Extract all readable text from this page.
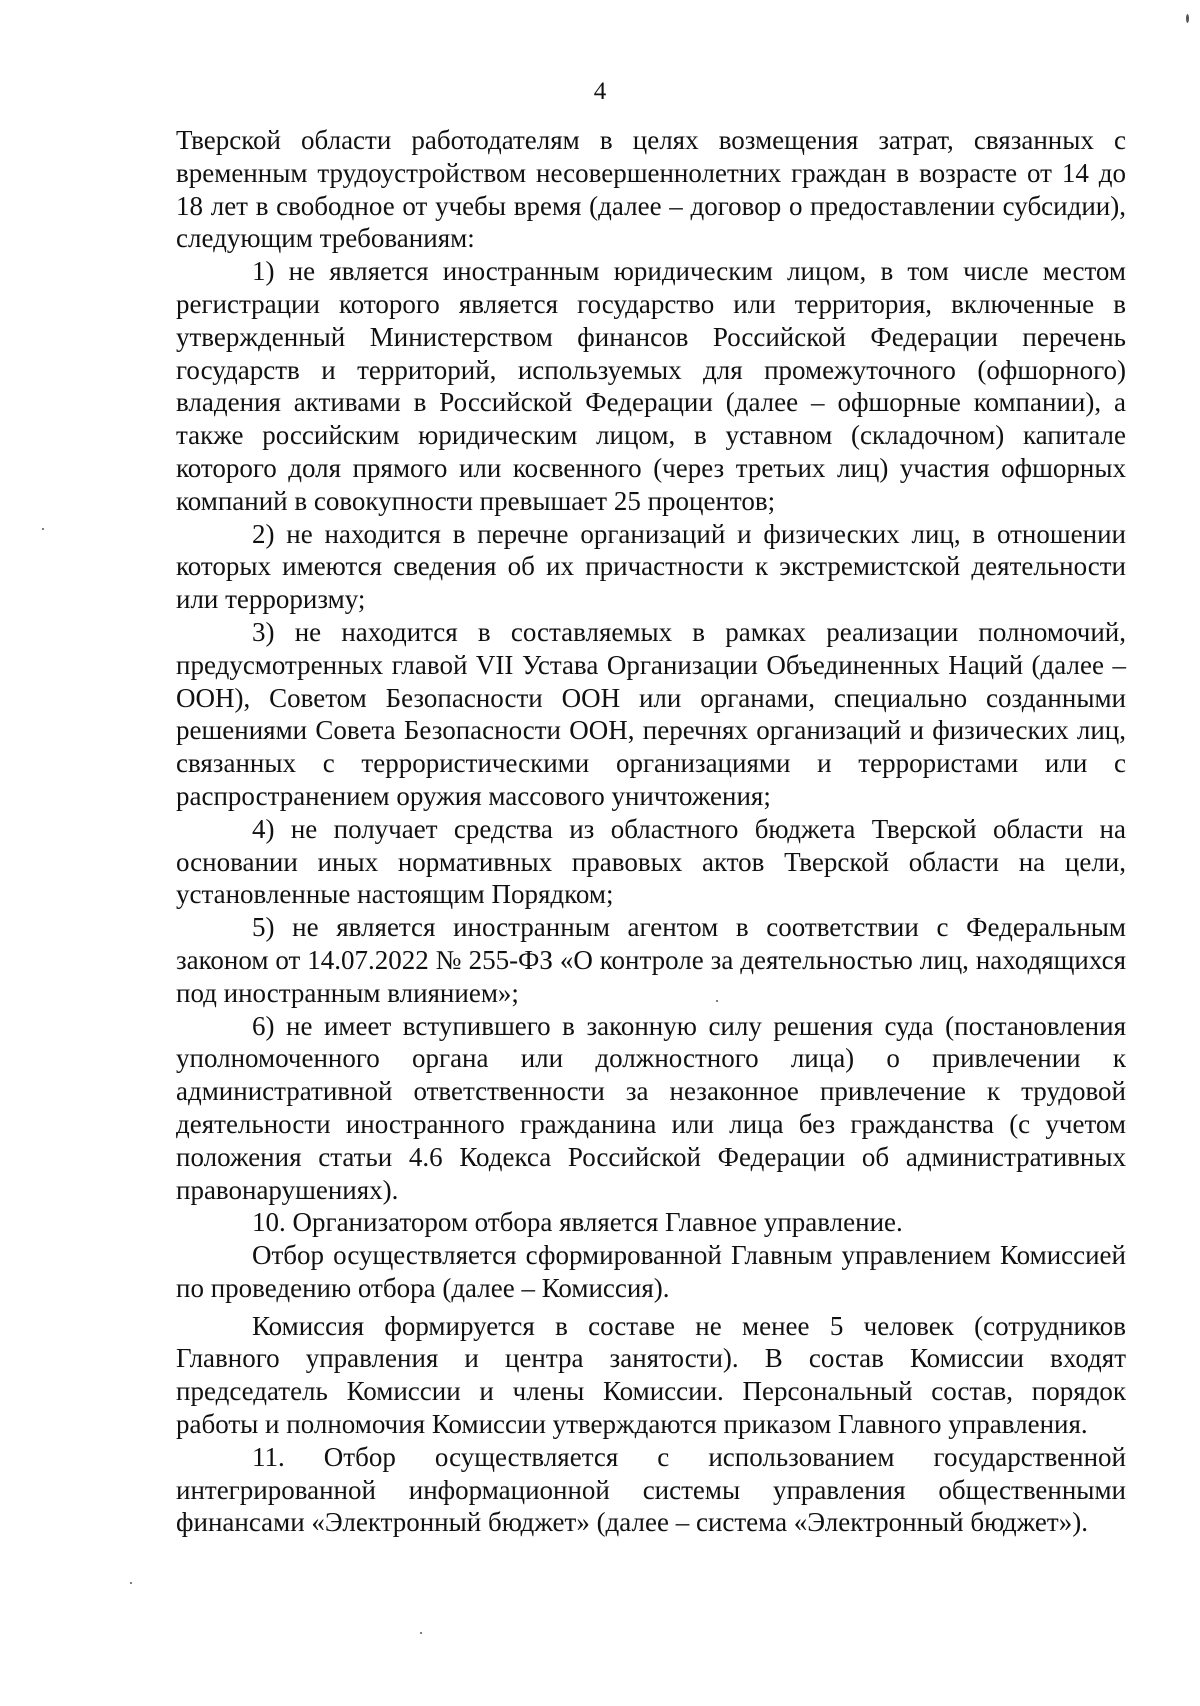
4

Тверской области работодателям в целях возмещения затрат, связанных с временным трудоустройством несовершеннолетних граждан в возрасте от 14 до 18 лет в свободное от учебы время (далее – договор о предоставлении субсидии), следующим требованиям:

1) не является иностранным юридическим лицом, в том числе местом регистрации которого является государство или территория, включенные в утвержденный Министерством финансов Российской Федерации перечень государств и территорий, используемых для промежуточного (офшорного) владения активами в Российской Федерации (далее – офшорные компании), а также российским юридическим лицом, в уставном (складочном) капитале которого доля прямого или косвенного (через третьих лиц) участия офшорных компаний в совокупности превышает 25 процентов;

2) не находится в перечне организаций и физических лиц, в отношении которых имеются сведения об их причастности к экстремистской деятельности или терроризму;

3) не находится в составляемых в рамках реализации полномочий, предусмотренных главой VII Устава Организации Объединенных Наций (далее – ООН), Советом Безопасности ООН или органами, специально созданными решениями Совета Безопасности ООН, перечнях организаций и физических лиц, связанных с террористическими организациями и террористами или с распространением оружия массового уничтожения;

4) не получает средства из областного бюджета Тверской области на основании иных нормативных правовых актов Тверской области на цели, установленные настоящим Порядком;

5) не является иностранным агентом в соответствии с Федеральным законом от 14.07.2022 № 255-ФЗ «О контроле за деятельностью лиц, находящихся под иностранным влиянием»;

6) не имеет вступившего в законную силу решения суда (постановления уполномоченного органа или должностного лица) о привлечении к административной ответственности за незаконное привлечение к трудовой деятельности иностранного гражданина или лица без гражданства (с учетом положения статьи 4.6 Кодекса Российской Федерации об административных правонарушениях).

10. Организатором отбора является Главное управление.

Отбор осуществляется сформированной Главным управлением Комиссией по проведению отбора (далее – Комиссия).

Комиссия формируется в составе не менее 5 человек (сотрудников Главного управления и центра занятости). В состав Комиссии входят председатель Комиссии и члены Комиссии. Персональный состав, порядок работы и полномочия Комиссии утверждаются приказом Главного управления.

11. Отбор осуществляется с использованием государственной интегрированной информационной системы управления общественными финансами «Электронный бюджет» (далее – система «Электронный бюджет»).
